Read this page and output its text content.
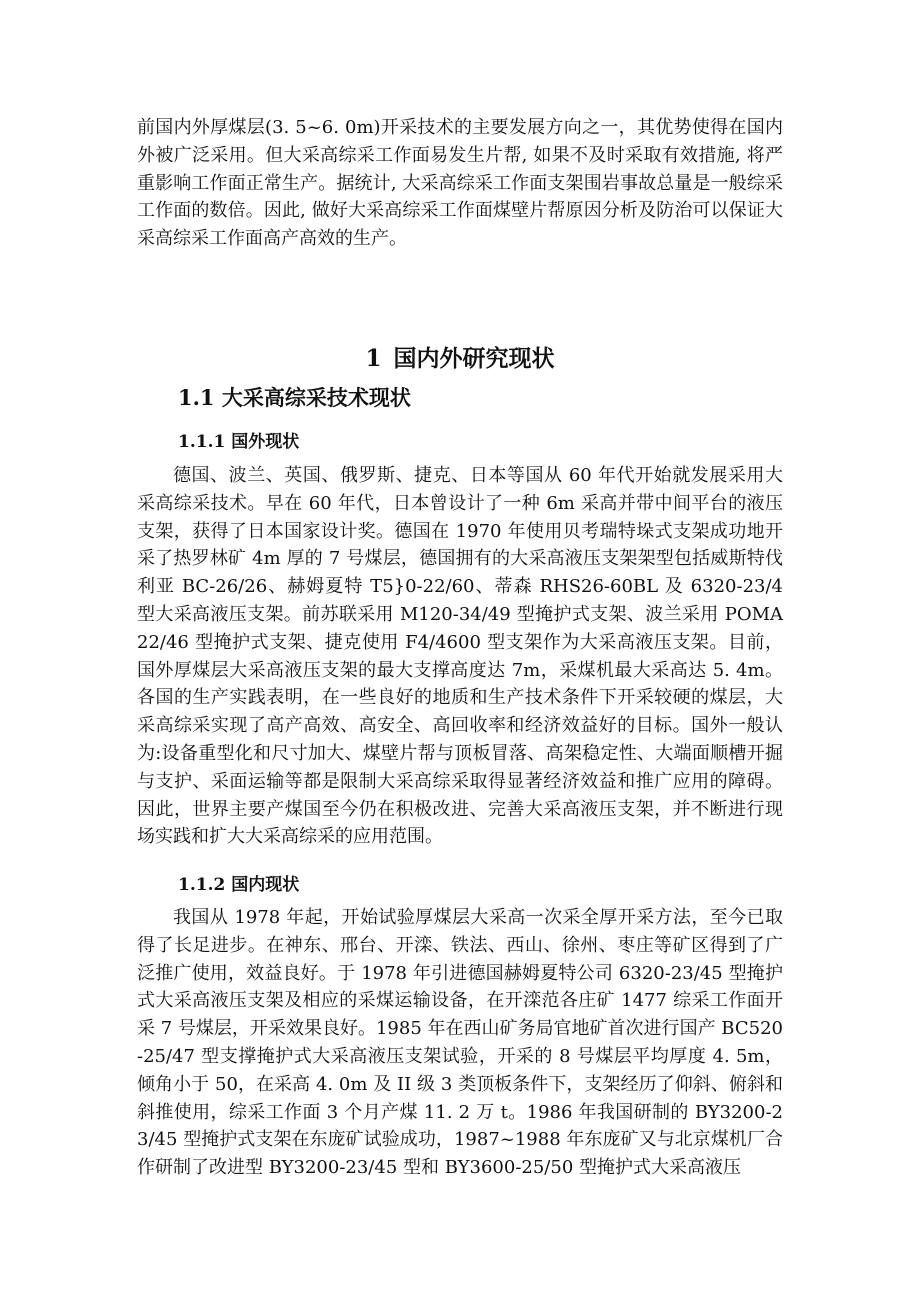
前国内外厚煤层(3. 5~6. 0m)开采技术的主要发展方向之一，其优势使得在国内外被广泛采用。但大采高综采工作面易发生片帮, 如果不及时采取有效措施, 将严重影响工作面正常生产。据统计, 大采高综采工作面支架围岩事故总量是一般综采工作面的数倍。因此, 做好大采高综采工作面煤壁片帮原因分析及防治可以保证大采高综采工作面高产高效的生产。

1 国内外研究现状
1.1 大采高综采技术现状
1.1.1 国外现状

德国、波兰、英国、俄罗斯、捷克、日本等国从 60 年代开始就发展采用大采高综采技术。早在 60 年代，日本曾设计了一种 6m 采高并带中间平台的液压支架，获得了日本国家设计奖。德国在 1970 年使用贝考瑞特垛式支架成功地开采了热罗林矿 4m 厚的 7 号煤层，德国拥有的大采高液压支架架型包括威斯特伐利亚 BC-26/26、赫姆夏特 T5}0-22/60、蒂森 RHS26-60BL 及 6320-23/4 型大采高液压支架。前苏联采用 M120-34/49 型掩护式支架、波兰采用 POMA22/46 型掩护式支架、捷克使用 F4/4600 型支架作为大采高液压支架。目前，国外厚煤层大采高液压支架的最大支撑高度达 7m，采煤机最大采高达 5. 4m。各国的生产实践表明，在一些良好的地质和生产技术条件下开采较硬的煤层，大采高综采实现了高产高效、高安全、高回收率和经济效益好的目标。国外一般认为:设备重型化和尺寸加大、煤壁片帮与顶板冒落、高架稳定性、大端面顺槽开掘与支护、采面运输等都是限制大采高综采取得显著经济效益和推广应用的障碍。因此，世界主要产煤国至今仍在积极改进、完善大采高液压支架，并不断进行现场实践和扩大大采高综采的应用范围。

1.1.2 国内现状

我国从 1978 年起，开始试验厚煤层大采高一次采全厚开采方法，至今已取得了长足进步。在神东、邢台、开滦、铁法、西山、徐州、枣庄等矿区得到了广泛推广使用，效益良好。于 1978 年引进德国赫姆夏特公司 6320-23/45 型掩护式大采高液压支架及相应的采煤运输设备，在开滦范各庄矿 1477 综采工作面开采 7 号煤层，开采效果良好。1985 年在西山矿务局官地矿首次进行国产 BC520-25/47 型支撑掩护式大采高液压支架试验，开采的 8 号煤层平均厚度 4. 5m，倾角小于 50，在采高 4. 0m 及 II 级 3 类顶板条件下，支架经历了仰斜、俯斜和斜推使用，综采工作面 3 个月产煤 11. 2 万 t。1986 年我国研制的 BY3200-23/45 型掩护式支架在东庞矿试验成功，1987~1988 年东庞矿又与北京煤机厂合作研制了改进型 BY3200-23/45 型和 BY3600-25/50 型掩护式大采高液压
